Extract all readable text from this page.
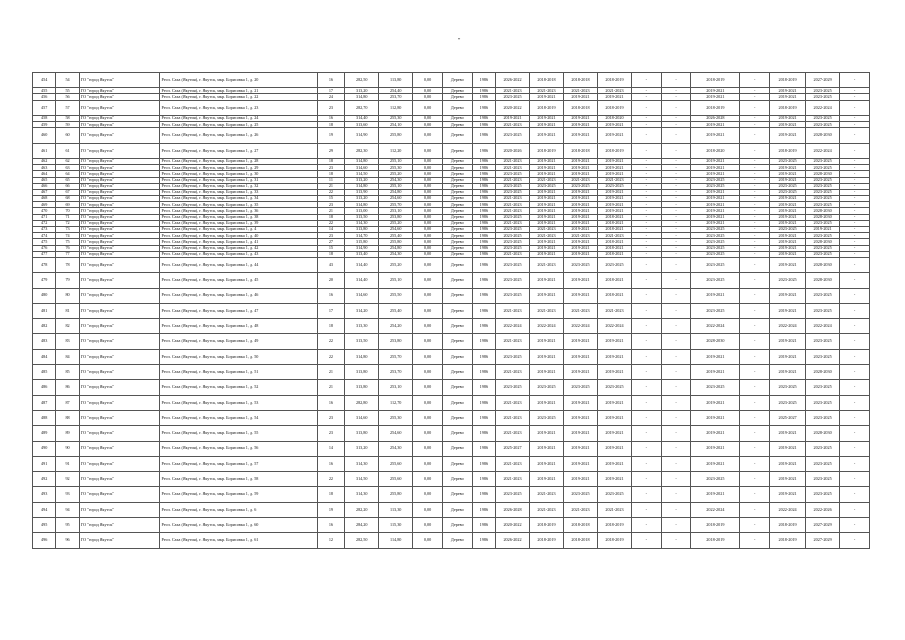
"
454	54	ГО "город Якутск"	Респ. Саха (Якутия), г. Якутск, мкр. Борисовка 1, д. 20	16	282,50	113,80	0,00	Дерево	1986	2026-2022	2018-2018	2018-2018	2018-2019	-	-	2018-2019	-	2018-2019	2027-2029	-
455	55	ГО "город Якутск"	Респ. Саха (Якутия), г. Якутск, мкр. Борисовка 1, д. 21	17	313,20	254,40	0,00	Дерево	1986	2021-2023	2021-2023	2021-2023	2021-2023	-	-	2019-2021	-	2019-2021	2023-2025	-
456	56	ГО "город Якутск"	Респ. Саха (Якутия), г. Якутск, мкр. Борисовка 1, д. 22	24	314,80	253,70	0,00	Дерево	1986	2023-2025	2019-2021	2019-2021	2019-2021	-	-	2019-2021	-	2019-2021	2023-2025	-
457	57	ГО "город Якутск"	Респ. Саха (Якутия), г. Якутск, мкр. Борисовка 1, д. 23	23	282,70	112,80	0,00	Дерево	1986	2020-2022	2018-2019	2018-2018	2018-2019	-	-	2018-2019	-	2018-2019	2022-2024	-
458	58	ГО "город Якутск"	Респ. Саха (Якутия), г. Якутск, мкр. Борисовка 1, д. 24	16	314,40	255,30	0,00	Дерево	1986	2019-2021	2019-2021	2019-2021	2018-2020	-	-	2026-2028	-	2019-2021	2023-2025	-
459	59	ГО "город Якутск"	Респ. Саха (Якутия), г. Якутск, мкр. Борисовка 1, д. 25	18	313,60	254,10	0,00	Дерево	1986	2021-2023	2019-2021	2019-2021	2019-2021	-	-	2019-2021	-	2019-2021	2023-2025	-
460	60	ГО "город Якутск"	Респ. Саха (Якутия), г. Якутск, мкр. Борисовка 1, д. 26	19	314,90	255,80	0,00	Дерево	1986	2023-2025	2019-2021	2019-2021	2019-2021	-	-	2019-2021	-	2019-2021	2028-2030	-
461	61	ГО "город Якутск"	Респ. Саха (Якутия), г. Якутск, мкр. Борисовка 1, д. 27	29	282,30	112,20	0,00	Дерево	1986	2020-2026	2018-2019	2018-2018	2018-2019	-	-	2018-2020	-	2018-2019	2022-2024	-
462	62	ГО "город Якутск"	Респ. Саха (Якутия), г. Якутск, мкр. Борисовка 1, д. 28	18	314,80	255,10	0,00	Дерево	1986	2021-2023	2019-2021	2019-2021	2019-2021	-	-	2019-2021	-	2023-2025	2023-2025	-
463	63	ГО "город Якутск"	Респ. Саха (Якутия), г. Якутск, мкр. Борисовка 1, д. 29	23	314,60	255,30	0,00	Дерево	1986	2021-2023	2019-2021	2019-2021	2019-2021	-	-	2019-2021	-	2019-2021	2023-2025	-
464	64	ГО "город Якутск"	Респ. Саха (Якутия), г. Якутск, мкр. Борисовка 1, д. 30	18	314,50	255,20	0,00	Дерево	1986	2023-2025	2019-2021	2019-2021	2019-2021	-	-	2019-2021	-	2019-2021	2028-2030	-
465	65	ГО "город Якутск"	Респ. Саха (Якутия), г. Якутск, мкр. Борисовка 1, д. 31	11	313,20	254,30	0,00	Дерево	1986	2021-2023	2021-2023	2021-2023	2021-2023	-	-	2023-2025	-	2019-2021	2023-2025	-
466	66	ГО "город Якутск"	Респ. Саха (Якутия), г. Якутск, мкр. Борисовка 1, д. 32	21	314,80	255,10	0,00	Дерево	1986	2023-2025	2023-2025	2023-2025	2023-2025	-	-	2023-2025	-	2023-2025	2023-2025	-
467	67	ГО "город Якутск"	Респ. Саха (Якутия), г. Якутск, мкр. Борисовка 1, д. 33	22	313,90	254,80	0,00	Дерево	1986	2023-2025	2019-2021	2019-2021	2019-2021	-	-	2019-2021	-	2023-2025	2023-2025	-
468	68	ГО "город Якутск"	Респ. Саха (Якутия), г. Якутск, мкр. Борисовка 1, д. 34	15	313,20	254,60	0,00	Дерево	1986	2021-2023	2019-2021	2019-2021	2019-2021	-	-	2019-2021	-	2019-2021	2023-2025	-
469	69	ГО "город Якутск"	Респ. Саха (Якутия), г. Якутск, мкр. Борисовка 1, д. 35	23	314,80	255,70	0,00	Дерево	1986	2021-2023	2019-2021	2019-2021	2019-2021	-	-	2019-2021	-	2019-2021	2023-2025	-
470	70	ГО "город Якутск"	Респ. Саха (Якутия), г. Якутск, мкр. Борисовка 1, д. 36	21	313,00	253,10	0,00	Дерево	1986	2021-2023	2019-2021	2019-2021	2019-2021	-	-	2019-2021	-	2019-2021	2028-2030	-
471	71	ГО "город Якутск"	Респ. Саха (Якутия), г. Якутск, мкр. Борисовка 1, д. 38	18	313,50	253,80	0,00	Дерево	1986	2023-2025	2019-2021	2019-2021	2018-2021	-	-	2019-2021	-	2019-2021	2028-2030	-
472	72	ГО "город Якутск"	Респ. Саха (Якутия), г. Якутск, мкр. Борисовка 1, д. 39	22	314,30	255,20	0,00	Дерево	1986	2021-2023	2019-2021	2019-2021	2018-2021	-	-	2019-2021	-	2019-2021	2023-2025	-
473	73	ГО "город Якутск"	Респ. Саха (Якутия), г. Якутск, мкр. Борисовка 1, д. 4	14	313,80	254,60	0,00	Дерево	1986	2023-2025	2021-2023	2019-2021	2018-2021	-	-	2023-2025	-	2023-2025	2019-2021	-
474	74	ГО "город Якутск"	Респ. Саха (Якутия), г. Якутск, мкр. Борисовка 1, д. 40	23	314,70	255,40	0,00	Дерево	1986	2023-2025	2021-2023	2021-2023	2021-2023	-	-	2023-2025	-	2019-2021	2023-2025	-
475	75	ГО "город Якутск"	Респ. Саха (Якутия), г. Якутск, мкр. Борисовка 1, д. 41	27	315,80	255,80	0,00	Дерево	1986	2023-2025	2019-2021	2019-2021	2018-2021	-	-	2023-2025	-	2019-2021	2028-2030	-
476	76	ГО "город Якутск"	Респ. Саха (Якутия), г. Якутск, мкр. Борисовка 1, д. 42	15	314,90	254,80	0,00	Дерево	1986	2023-2025	2019-2021	2019-2021	2018-2021	-	-	2023-2025	-	2019-2021	2023-2025	-
477	77	ГО "город Якутск"	Респ. Саха (Якутия), г. Якутск, мкр. Борисовка 1, д. 43	18	313,40	254,30	0,00	Дерево	1986	2021-2023	2019-2021	2019-2021	2018-2021	-	-	2023-2025	-	2019-2021	2023-2025	-
478	78	ГО "город Якутск"	Респ. Саха (Якутия), г. Якутск, мкр. Борисовка 1, д. 44	43	314,40	255,20	0,00	Дерево	1986	2023-2025	2021-2023	2023-2025	2023-2025	-	-	2023-2025	-	2019-2021	2028-2030	-
479	79	ГО "город Якутск"	Респ. Саха (Якутия), г. Якутск, мкр. Борисовка 1, д. 45	20	314,40	255,10	0,00	Дерево	1986	2023-2025	2019-2021	2019-2021	2018-2021	-	-	2023-2025	-	2023-2025	2028-2030	-
480	80	ГО "город Якутск"	Респ. Саха (Якутия), г. Якутск, мкр. Борисовка 1, д. 46	16	314,60	255,50	0,00	Дерево	1986	2023-2025	2019-2021	2019-2021	2018-2021	-	-	2019-2021	-	2019-2021	2023-2025	-
481	81	ГО "город Якутск"	Респ. Саха (Якутия), г. Якутск, мкр. Борисовка 1, д. 47	17	314,20	255,40	0,00	Дерево	1986	2021-2023	2021-2023	2021-2023	2021-2023	-	-	2023-2025	-	2019-2021	2023-2025	-
482	82	ГО "город Якутск"	Респ. Саха (Якутия), г. Якутск, мкр. Борисовка 1, д. 48	18	313,30	254,20	0,00	Дерево	1986	2022-2024	2022-2024	2022-2024	2022-2024	-	-	2022-2024	-	2022-2024	2022-2024	-
483	83	ГО "город Якутск"	Респ. Саха (Якутия), г. Якутск, мкр. Борисовка 1, д. 49	22	313,50	253,80	0,00	Дерево	1986	2021-2023	2019-2021	2019-2021	2019-2021	-	-	2028-2030	-	2019-2021	2023-2025	-
484	84	ГО "город Якутск"	Респ. Саха (Якутия), г. Якутск, мкр. Борисовка 1, д. 50	22	314,80	255,70	0,00	Дерево	1986	2023-2025	2019-2021	2019-2021	2019-2021	-	-	2019-2021	-	2019-2021	2023-2025	-
485	85	ГО "город Якутск"	Респ. Саха (Якутия), г. Якутск, мкр. Борисовка 1, д. 51	21	313,80	253,70	0,00	Дерево	1986	2021-2023	2019-2021	2019-2021	2019-2021	-	-	2019-2021	-	2019-2021	2028-2030	-
486	86	ГО "город Якутск"	Респ. Саха (Якутия), г. Якутск, мкр. Борисовка 1, д. 52	21	313,80	253,10	0,00	Дерево	1986	2023-2025	2023-2025	2023-2025	2023-2025	-	-	2023-2025	-	2023-2025	2023-2025	-
487	87	ГО "город Якутск"	Респ. Саха (Якутия), г. Якутск, мкр. Борисовка 1, д. 53	16	282,80	112,70	0,00	Дерево	1986	2021-2023	2019-2021	2019-2021	2019-2021	-	-	2019-2021	-	2023-2025	2023-2025	-
488	88	ГО "город Якутск"	Респ. Саха (Якутия), г. Якутск, мкр. Борисовка 1, д. 54	23	314,60	255,30	0,00	Дерево	1986	2021-2023	2023-2025	2019-2021	2019-2021	-	-	2019-2021	-	2025-2027	2023-2025	-
489	89	ГО "город Якутск"	Респ. Саха (Якутия), г. Якутск, мкр. Борисовка 1, д. 55	23	313,80	254,60	0,00	Дерево	1986	2021-2023	2019-2021	2019-2021	2019-2021	-	-	2019-2021	-	2019-2021	2028-2030	-
490	90	ГО "город Якутск"	Респ. Саха (Якутия), г. Якутск, мкр. Борисовка 1, д. 56	14	313,20	254,30	0,00	Дерево	1986	2025-2027	2019-2021	2019-2021	2019-2021	-	-	2019-2021	-	2019-2021	2023-2025	-
491	91	ГО "город Якутск"	Респ. Саха (Якутия), г. Якутск, мкр. Борисовка 1, д. 57	16	314,30	255,60	0,00	Дерево	1986	2021-2023	2019-2021	2019-2021	2019-2021	-	-	2019-2021	-	2019-2021	2023-2025	-
492	92	ГО "город Якутск"	Респ. Саха (Якутия), г. Якутск, мкр. Борисовка 1, д. 58	22	314,50	255,60	0,00	Дерево	1986	2021-2023	2019-2021	2019-2021	2019-2021	-	-	2023-2025	-	2019-2021	2023-2025	-
493	93	ГО "город Якутск"	Респ. Саха (Якутия), г. Якутск, мкр. Борисовка 1, д. 59	18	314,30	255,80	0,00	Дерево	1986	2023-2025	2021-2023	2023-2025	2023-2025	-	-	2019-2021	-	2019-2021	2023-2025	-
494	94	ГО "город Якутск"	Респ. Саха (Якутия), г. Якутск, мкр. Борисовка 1, д. 6	19	282,20	113,30	0,00	Дерево	1986	2026-2028	2021-2023	2021-2023	2021-2023	-	-	2022-2024	-	2022-2024	2022-2026	-
495	95	ГО "город Якутск"	Респ. Саха (Якутия), г. Якутск, мкр. Борисовка 1, д. 60	16	284,20	115,30	0,00	Дерево	1986	2020-2022	2018-2019	2018-2018	2018-2019	-	-	2018-2019	-	2018-2019	2027-2029	-
496	96	ГО "город Якутск"	Респ. Саха (Якутия), г. Якутск, мкр. Борисовка 1, д. 61	12	282,50	114,80	0,00	Дерево	1986	2026-2022	2018-2019	2018-2018	2018-2019	-	-	2018-2019	-	2018-2019	2027-2029	-
